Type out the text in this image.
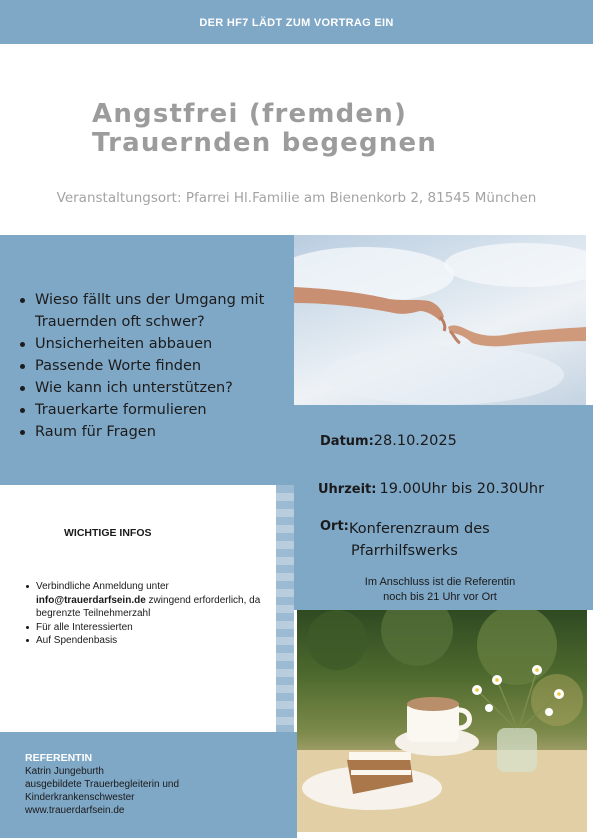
DER HF7 LÄDT ZUM VORTRAG EIN
Angstfrei (fremden)
Trauernden begegnen
Veranstaltungsort: Pfarrei Hl.Familie am Bienenkorb 2, 81545 München
Wieso fällt uns der Umgang mit
Trauernden oft schwer?
Unsicherheiten abbauen
Passende Worte finden
Wie kann ich unterstützen?
Trauerkarte formulieren
Raum für Fragen
Datum:28.10.2025
Uhrzeit: 19.00Uhr bis 20.30Uhr
Ort: Konferenzraum des
Pfarrhilfswerks
Im Anschluss ist die Referentin
noch bis 21 Uhr vor Ort
WICHTIGE INFOS
Verbindliche Anmeldung unter
info@trauerdarfsein.de zwingend erforderlich, da begrenzte Teilnehmerzahl
Für alle Interessierten
Auf Spendenbasis
REFERENTIN
Katrin Jungeburth
ausgebildete Trauerbegleiterin und
Kinderkrankenschwester
www.trauerdarfsein.de
